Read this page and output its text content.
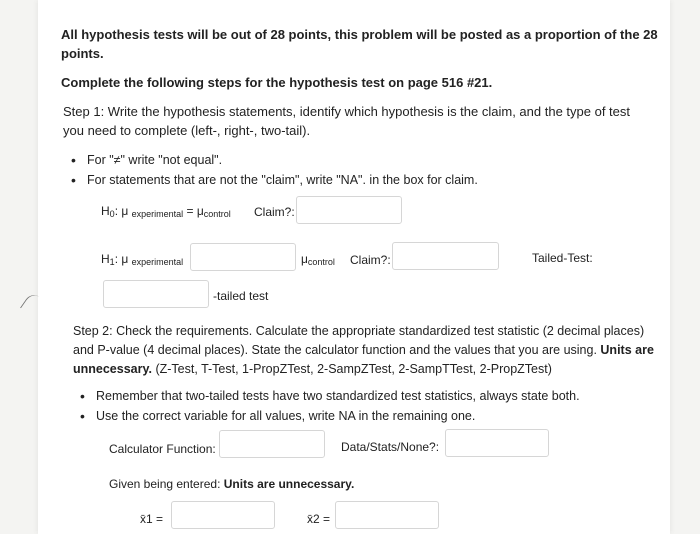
All hypothesis tests will be out of 28 points, this problem will be posted as a proportion of the 28
points.
Complete the following steps for the hypothesis test on page 516 #21.
Step 1: Write the hypothesis statements, identify which hypothesis is the claim, and the type of test
you need to complete (left-, right-, two-tail).
• For "≠" write "not equal".
• For statements that are not the "claim", write "NA". in the box for claim.
$H_0$: μ $_{experimental} = \mu_{control}$ Claim?:
$H_1$: μ $_{experimental}$	$\mu_{control}$ Claim?:	Tailed-Test:
-tailed test
Step 2: Check the requirements. Calculate the appropriate standardized test statistic (2 decimal places)
and P-value (4 decimal places). State the calculator function and the values that you are using. Units are
unnecessary. (Z-Test, T-Test, 1-PropZTest, 2-SampZTest, 2-SampTTest, 2-PropZTest)
• Remember that two-tailed tests have two standardized test statistics, always state both.
• Use the correct variable for all values, write NA in the remaining one.
Calculator Function:	Data/Stats/None?:
Given being entered: Units are unnecessary.
x̄1 =	x̄2 =
